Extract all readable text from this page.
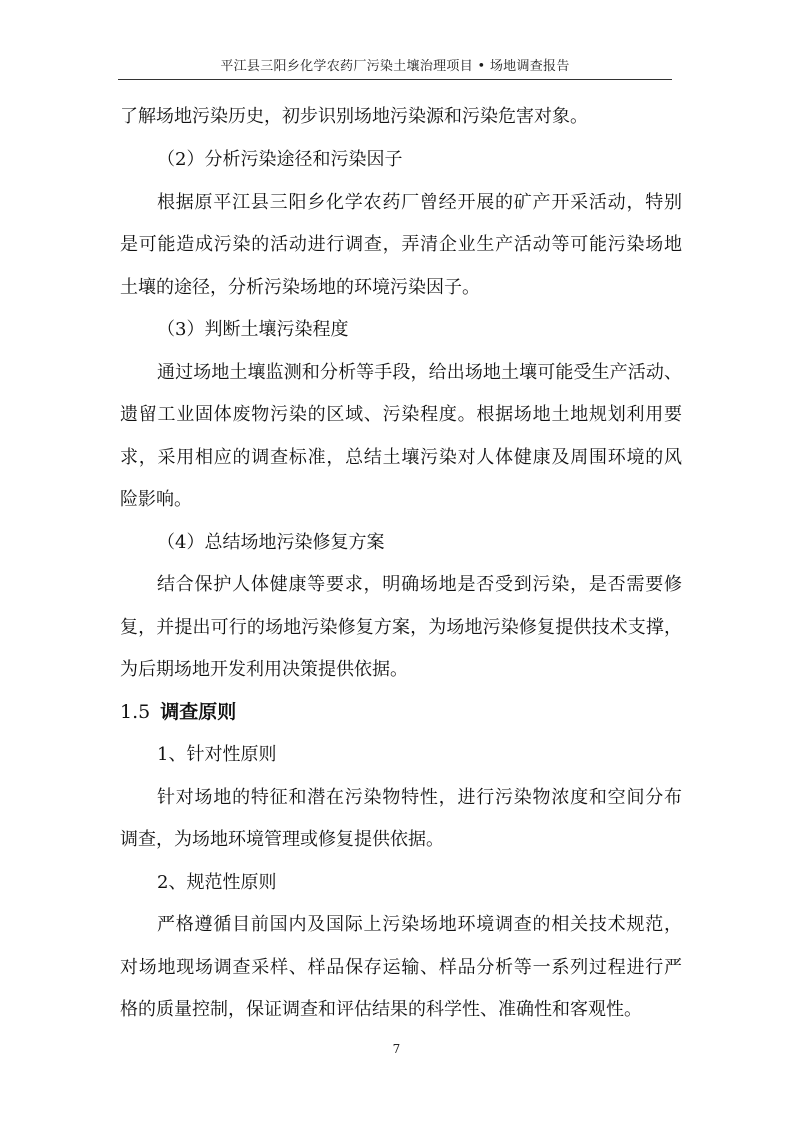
平江县三阳乡化学农药厂污染土壤治理项目 • 场地调查报告
了解场地污染历史，初步识别场地污染源和污染危害对象。
（2）分析污染途径和污染因子
根据原平江县三阳乡化学农药厂曾经开展的矿产开采活动，特别
是可能造成污染的活动进行调查，弄清企业生产活动等可能污染场地
土壤的途径，分析污染场地的环境污染因子。
（3）判断土壤污染程度
通过场地土壤监测和分析等手段，给出场地土壤可能受生产活动、
遗留工业固体废物污染的区域、污染程度。根据场地土地规划利用要
求，采用相应的调查标准，总结土壤污染对人体健康及周围环境的风
险影响。
（4）总结场地污染修复方案
结合保护人体健康等要求，明确场地是否受到污染，是否需要修
复，并提出可行的场地污染修复方案，为场地污染修复提供技术支撑，
为后期场地开发利用决策提供依据。
1.5 调查原则
1、针对性原则
针对场地的特征和潜在污染物特性，进行污染物浓度和空间分布
调查，为场地环境管理或修复提供依据。
2、规范性原则
严格遵循目前国内及国际上污染场地环境调查的相关技术规范，
对场地现场调查采样、样品保存运输、样品分析等一系列过程进行严
格的质量控制，保证调查和评估结果的科学性、准确性和客观性。
7
